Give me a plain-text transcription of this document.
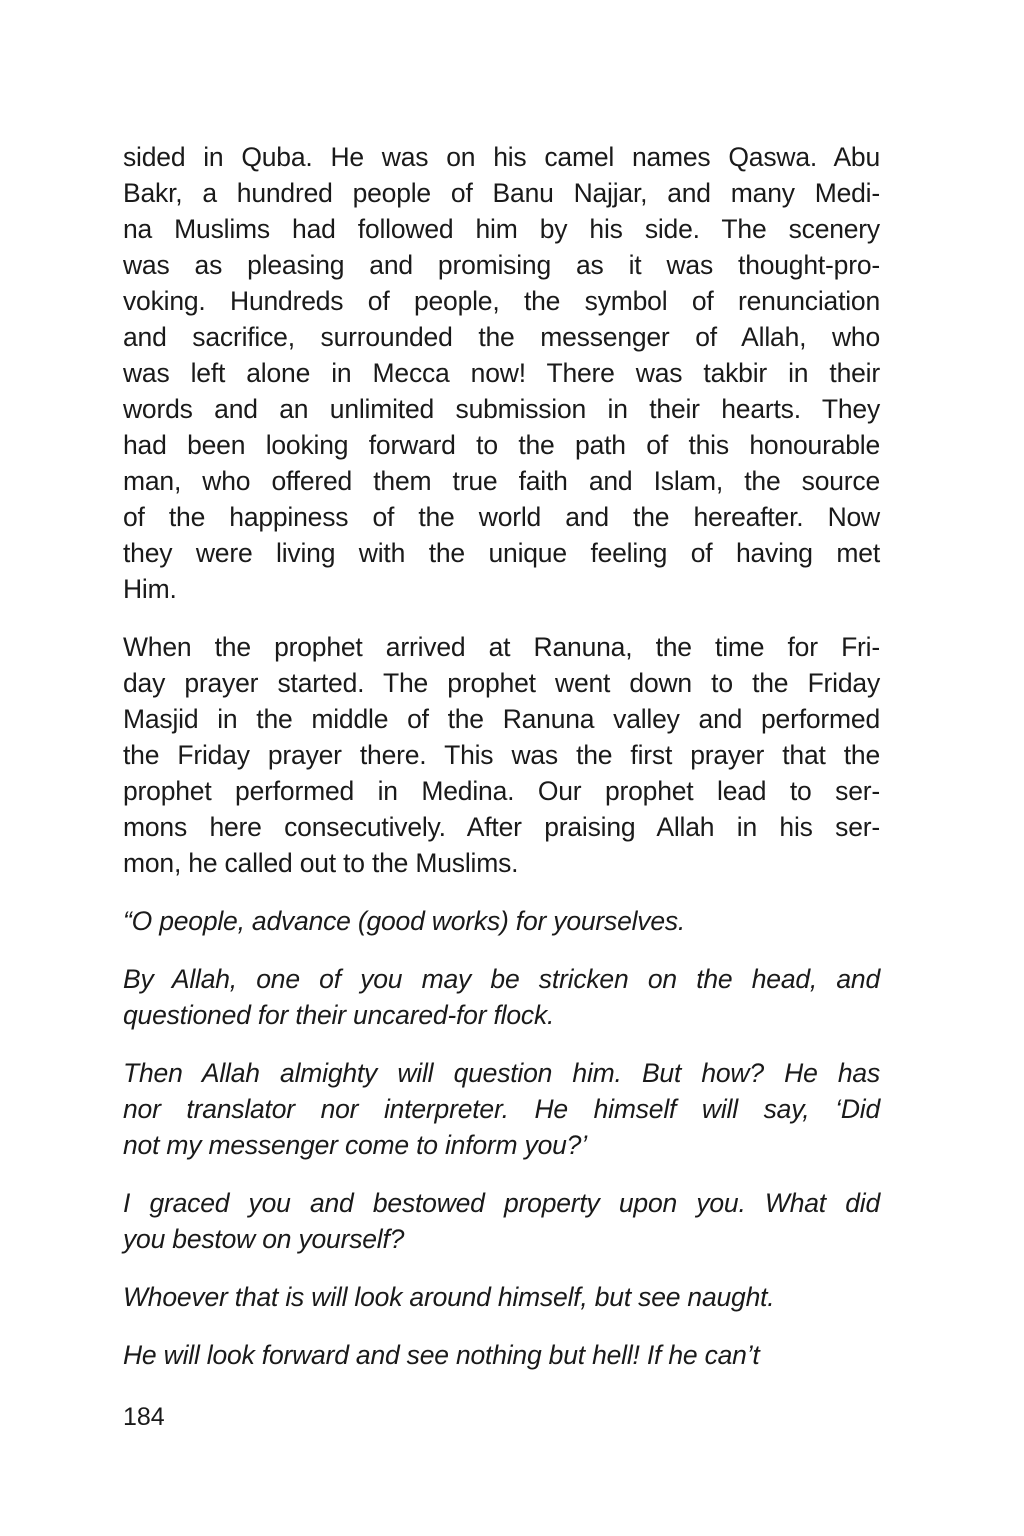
sided in Quba. He was on his camel names Qaswa. Abu
Bakr, a hundred people of Banu Najjar, and many Medi-
na Muslims had followed him by his side. The scenery
was as pleasing and promising as it was thought-pro-
voking. Hundreds of people, the symbol of renunciation
and sacrifice, surrounded the messenger of Allah, who
was left alone in Mecca now! There was takbir in their
words and an unlimited submission in their hearts. They
had been looking forward to the path of this honourable
man, who offered them true faith and Islam, the source
of the happiness of the world and the hereafter. Now
they were living with the unique feeling of having met
Him.
When the prophet arrived at Ranuna, the time for Fri-
day prayer started. The prophet went down to the Friday
Masjid in the middle of the Ranuna valley and performed
the Friday prayer there. This was the first prayer that the
prophet performed in Medina. Our prophet lead to ser-
mons here consecutively. After praising Allah in his ser-
mon, he called out to the Muslims.
“O people, advance (good works) for yourselves.
By Allah, one of you may be stricken on the head, and
questioned for their uncared-for flock.
Then Allah almighty will question him. But how? He has
nor translator nor interpreter. He himself will say, ‘Did
not my messenger come to inform you?’
I graced you and bestowed property upon you. What did
you bestow on yourself?
Whoever that is will look around himself, but see naught.
He will look forward and see nothing but hell! If he can’t
184
